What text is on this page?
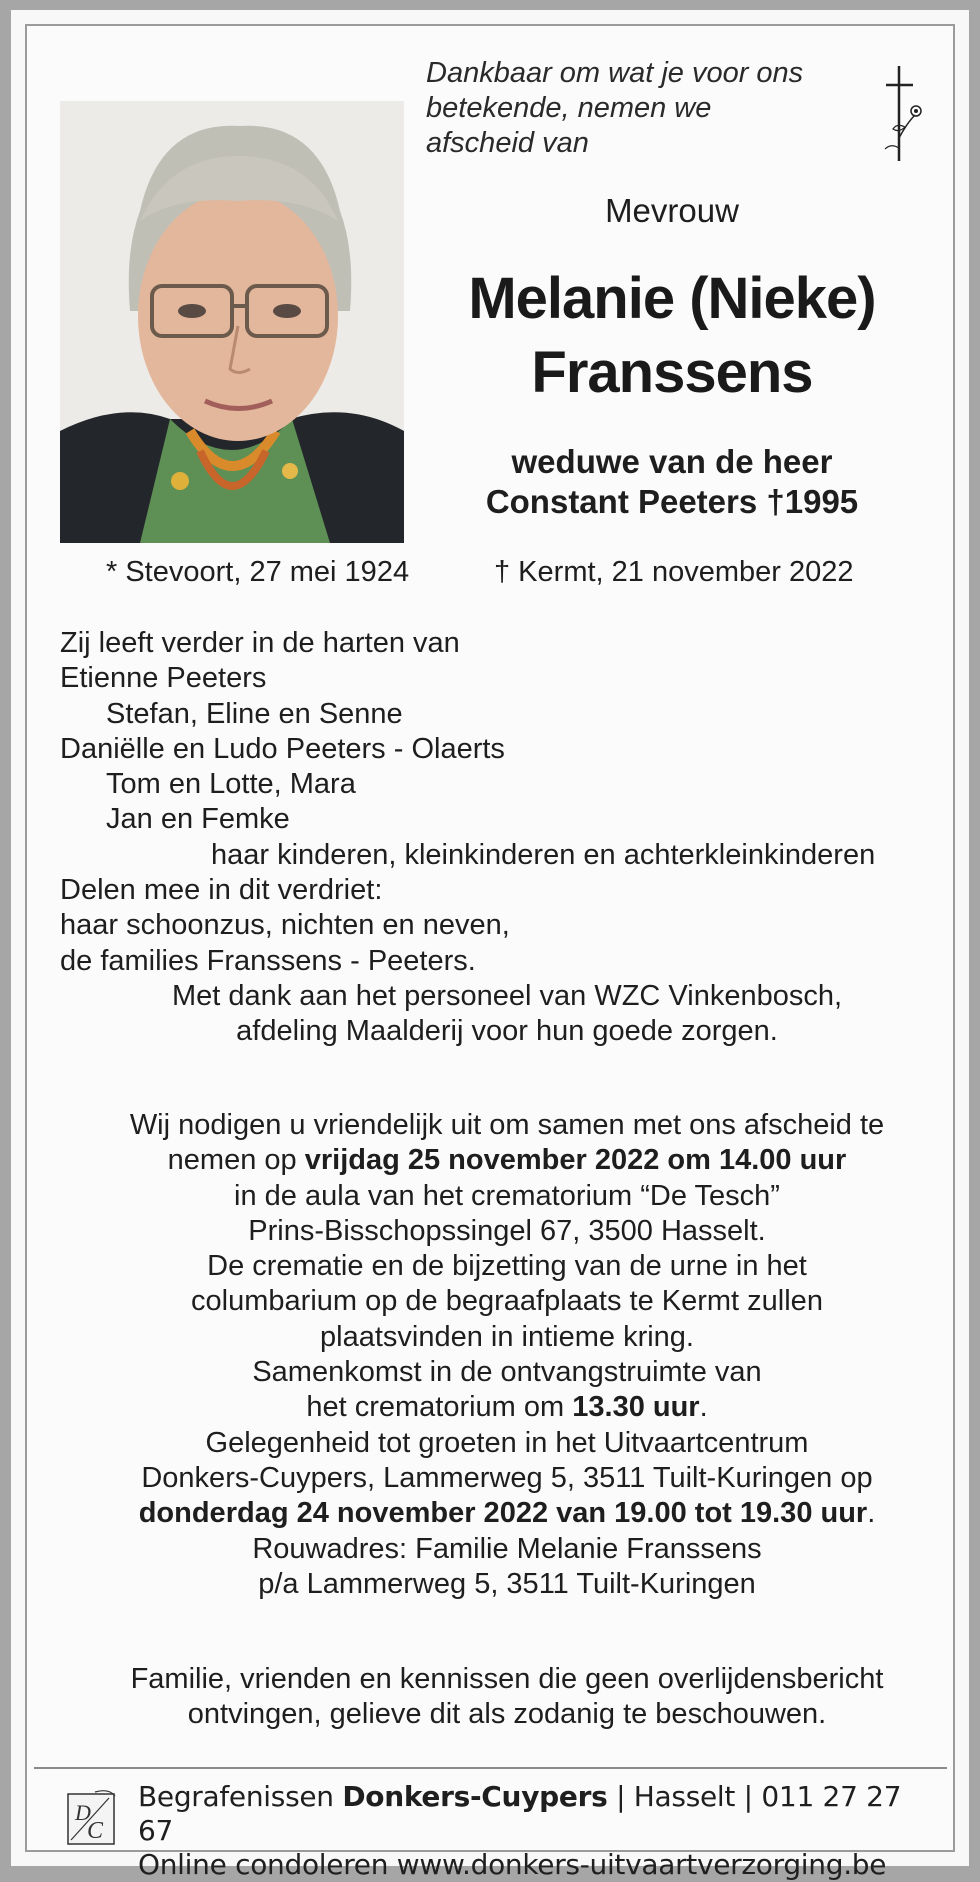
Dankbaar om wat je voor ons
betekende, nemen we
afscheid van
Mevrouw
Melanie (Nieke)
Franssens
weduwe van de heer
Constant Peeters †1995
* Stevoort, 27 mei 1924	† Kermt, 21 november 2022
Zij leeft verder in de harten van
Etienne Peeters
Stefan, Eline en Senne
Daniëlle en Ludo Peeters - Olaerts
Tom en Lotte, Mara
Jan en Femke
haar kinderen, kleinkinderen en achterkleinkinderen
Delen mee in dit verdriet:
haar schoonzus, nichten en neven,
de families Franssens - Peeters.
Met dank aan het personeel van WZC Vinkenbosch,
afdeling Maalderij voor hun goede zorgen.
Wij nodigen u vriendelijk uit om samen met ons afscheid te
nemen op vrijdag 25 november 2022 om 14.00 uur
in de aula van het crematorium “De Tesch”
Prins-Bisschopssingel 67, 3500 Hasselt.
De crematie en de bijzetting van de urne in het
columbarium op de begraafplaats te Kermt zullen
plaatsvinden in intieme kring.
Samenkomst in de ontvangstruimte van
het crematorium om 13.30 uur.
Gelegenheid tot groeten in het Uitvaartcentrum
Donkers-Cuypers, Lammerweg 5, 3511 Tuilt-Kuringen op
donderdag 24 november 2022 van 19.00 tot 19.30 uur.
Rouwadres: Familie Melanie Franssens
p/a Lammerweg 5, 3511 Tuilt-Kuringen
Familie, vrienden en kennissen die geen overlijdensbericht
ontvingen, gelieve dit als zodanig te beschouwen.
D
C
Begrafenissen Donkers-Cuypers | Hasselt | 011 27 27 67
Online condoleren www.donkers-uitvaartverzorging.be
